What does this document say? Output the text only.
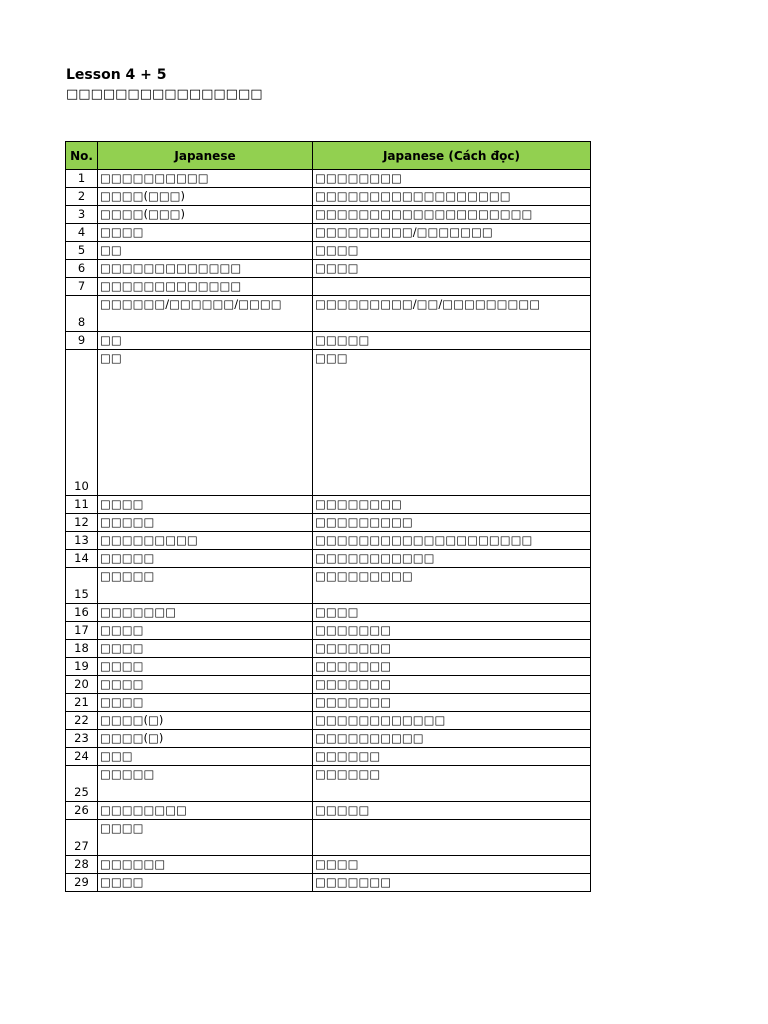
Lesson 4 + 5
□□□□□□□□□□□□□□□□
No.	Japanese	Japanese (Cách đọc)
1	□□□□□□□□□□	□□□□□□□□
2	□□□□(□□□)	□□□□□□□□□□□□□□□□□□
3	□□□□(□□□)	□□□□□□□□□□□□□□□□□□□□
4	□□□□	□□□□□□□□□/□□□□□□□
5	□□	□□□□
6	□□□□□□□□□□□□□	□□□□
7	□□□□□□□□□□□□□	
8	□□□□□□/□□□□□□/□□□□	□□□□□□□□□/□□/□□□□□□□□□
9	□□	□□□□□
10	□□	□□□
11	□□□□	□□□□□□□□
12	□□□□□	□□□□□□□□□
13	□□□□□□□□□	□□□□□□□□□□□□□□□□□□□□
14	□□□□□	□□□□□□□□□□□
15	□□□□□	□□□□□□□□□
16	□□□□□□□	□□□□
17	□□□□	□□□□□□□
18	□□□□	□□□□□□□
19	□□□□	□□□□□□□
20	□□□□	□□□□□□□
21	□□□□	□□□□□□□
22	□□□□(□)	□□□□□□□□□□□□
23	□□□□(□)	□□□□□□□□□□
24	□□□	□□□□□□
25	□□□□□	□□□□□□
26	□□□□□□□□	□□□□□
27	□□□□	
28	□□□□□□	□□□□
29	□□□□	□□□□□□□
